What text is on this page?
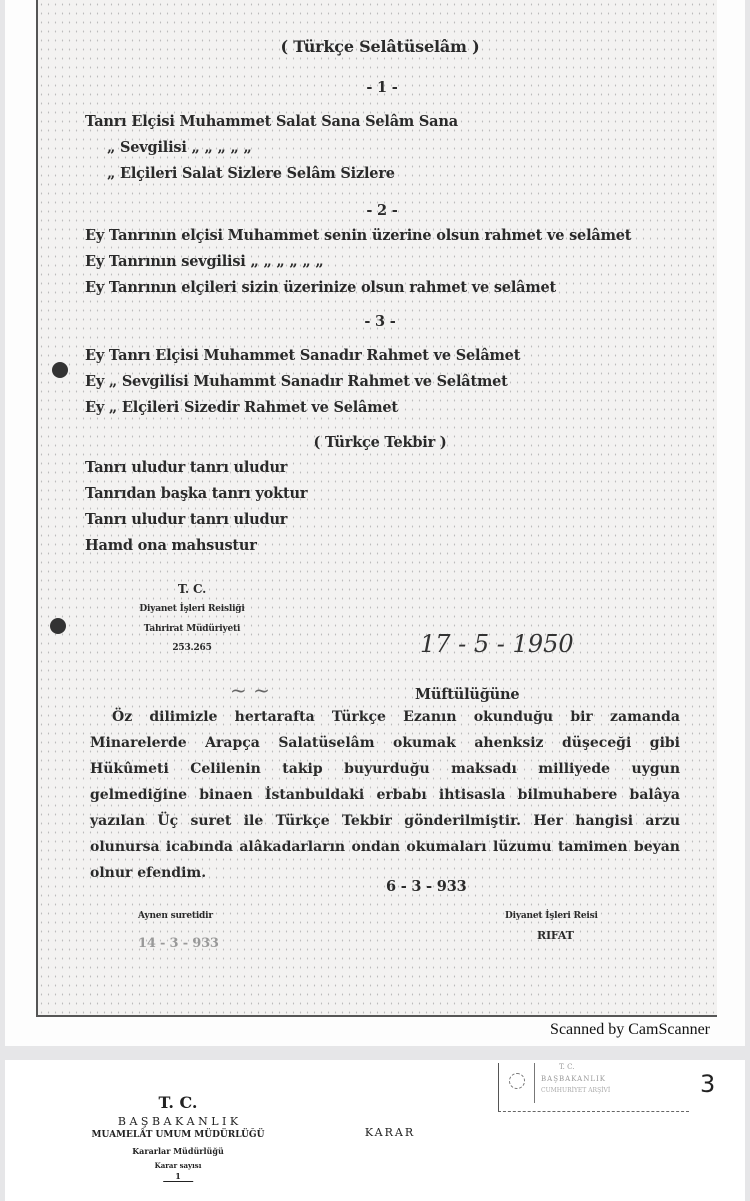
( Türkçe Selâtüselâm )
- 1 -
Tanrı Elçisi Muhammet Salat Sana Selâm Sana
„ Sevgilisi „ „ „ „ „
„ Elçileri Salat Sizlere Selâm Sizlere
- 2 -
Ey Tanrının elçisi Muhammet senin üzerine olsun rahmet ve selâmet
Ey Tanrının sevgilisi „ „ „ „ „ „
Ey Tanrının elçileri sizin üzerinize olsun rahmet ve selâmet
- 3 -
Ey Tanrı Elçisi Muhammet Sanadır Rahmet ve Selâmet
Ey „ Sevgilisi Muhammt Sanadır Rahmet ve Selâtmet
Ey „ Elçileri Sizedir Rahmet ve Selâmet
( Türkçe Tekbir )
Tanrı uludur tanrı uludur
Tanrıdan başka tanrı yoktur
Tanrı uludur tanrı uludur
Hamd ona mahsustur
T. C.
Diyanet İşleri Reisliği
Tahrirat Müdüriyeti
253.265	17 - 5 - 1950
~ ~	Müftülüğüne
Öz dilimizle hertarafta Türkçe Ezanın okunduğu bir zamanda Minarelerde Arapça Salatüselâm okumak ahenksiz düşeceği gibi Hükûmeti Celilenin takip buyurduğu maksadı milliyede uygun gelmediğine binaen İstanbuldaki erbabı ihtisasla bilmuhabere balâya yazılan Üç suret ile Türkçe Tekbir gönderilmiştir. Her hangisi arzu olunursa icabında alâkadarların ondan okumaları lüzumu tamimen beyan olnur efendim.
6 - 3 - 933
Aynen suretidir
14 - 3 - 933
Diyanet İşleri Reisi
RIFAT
Scanned by CamScanner
T. C.
B A Ş B A K A N L I K
MUAMELÂT UMUM MÜDÜRLÜĞÜ
Kararlar Müdürlüğü
Karar sayısı
1
KARAR
T. C.
BAŞBAKANLIK
CUMHURİYET ARŞİVİ	3
